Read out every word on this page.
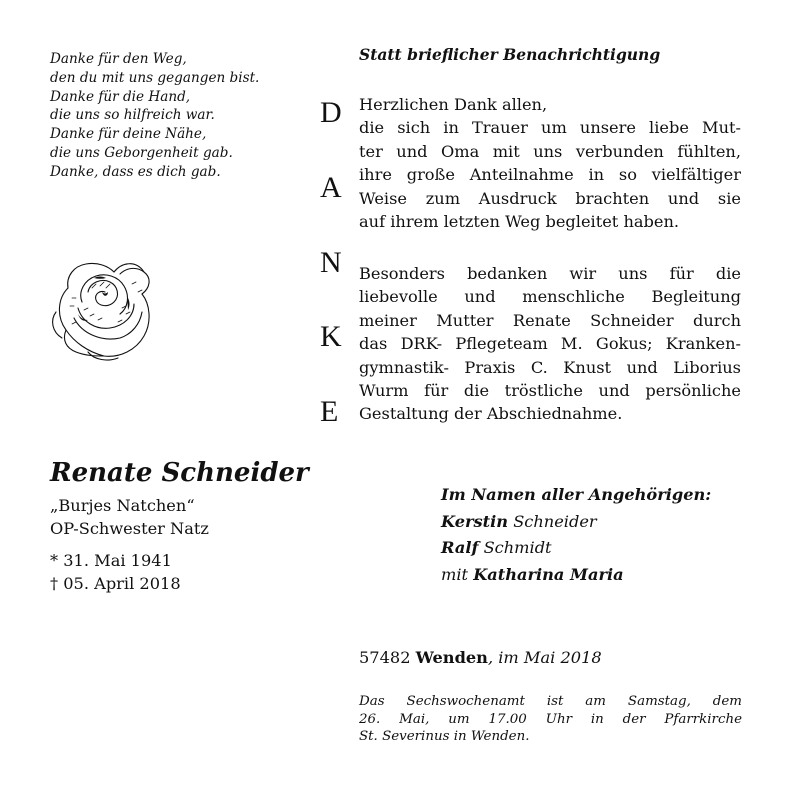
Danke für den Weg,
den du mit uns gegangen bist.
Danke für die Hand,
die uns so hilfreich war.
Danke für deine Nähe,
die uns Geborgenheit gab.
Danke, dass es dich gab.
Statt brieflicher Benachrichtigung
D
A
N
K
E
Herzlichen Dank allen,
die sich in Trauer um unsere liebe Mut-
ter und Oma mit uns verbunden fühlten,
ihre große Anteilnahme in so vielfältiger
Weise zum Ausdruck brachten und sie
auf ihrem letzten Weg begleitet haben.
Besonders bedanken wir uns für die
liebevolle und menschliche Begleitung
meiner Mutter Renate Schneider durch
das DRK- Pflegeteam M. Gokus; Kranken-
gymnastik- Praxis C. Knust und Liborius
Wurm für die tröstliche und persönliche
Gestaltung der Abschiednahme.
Renate Schneider
„Burjes Natchen“
OP-Schwester Natz
* 31. Mai 1941
† 05. April 2018
Im Namen aller Angehörigen:
Kerstin Schneider
Ralf Schmidt
mit Katharina Maria
57482 Wenden, im Mai 2018
Das Sechswochenamt ist am Samstag, dem
26. Mai, um 17.00 Uhr in der Pfarrkirche
St. Severinus in Wenden.
